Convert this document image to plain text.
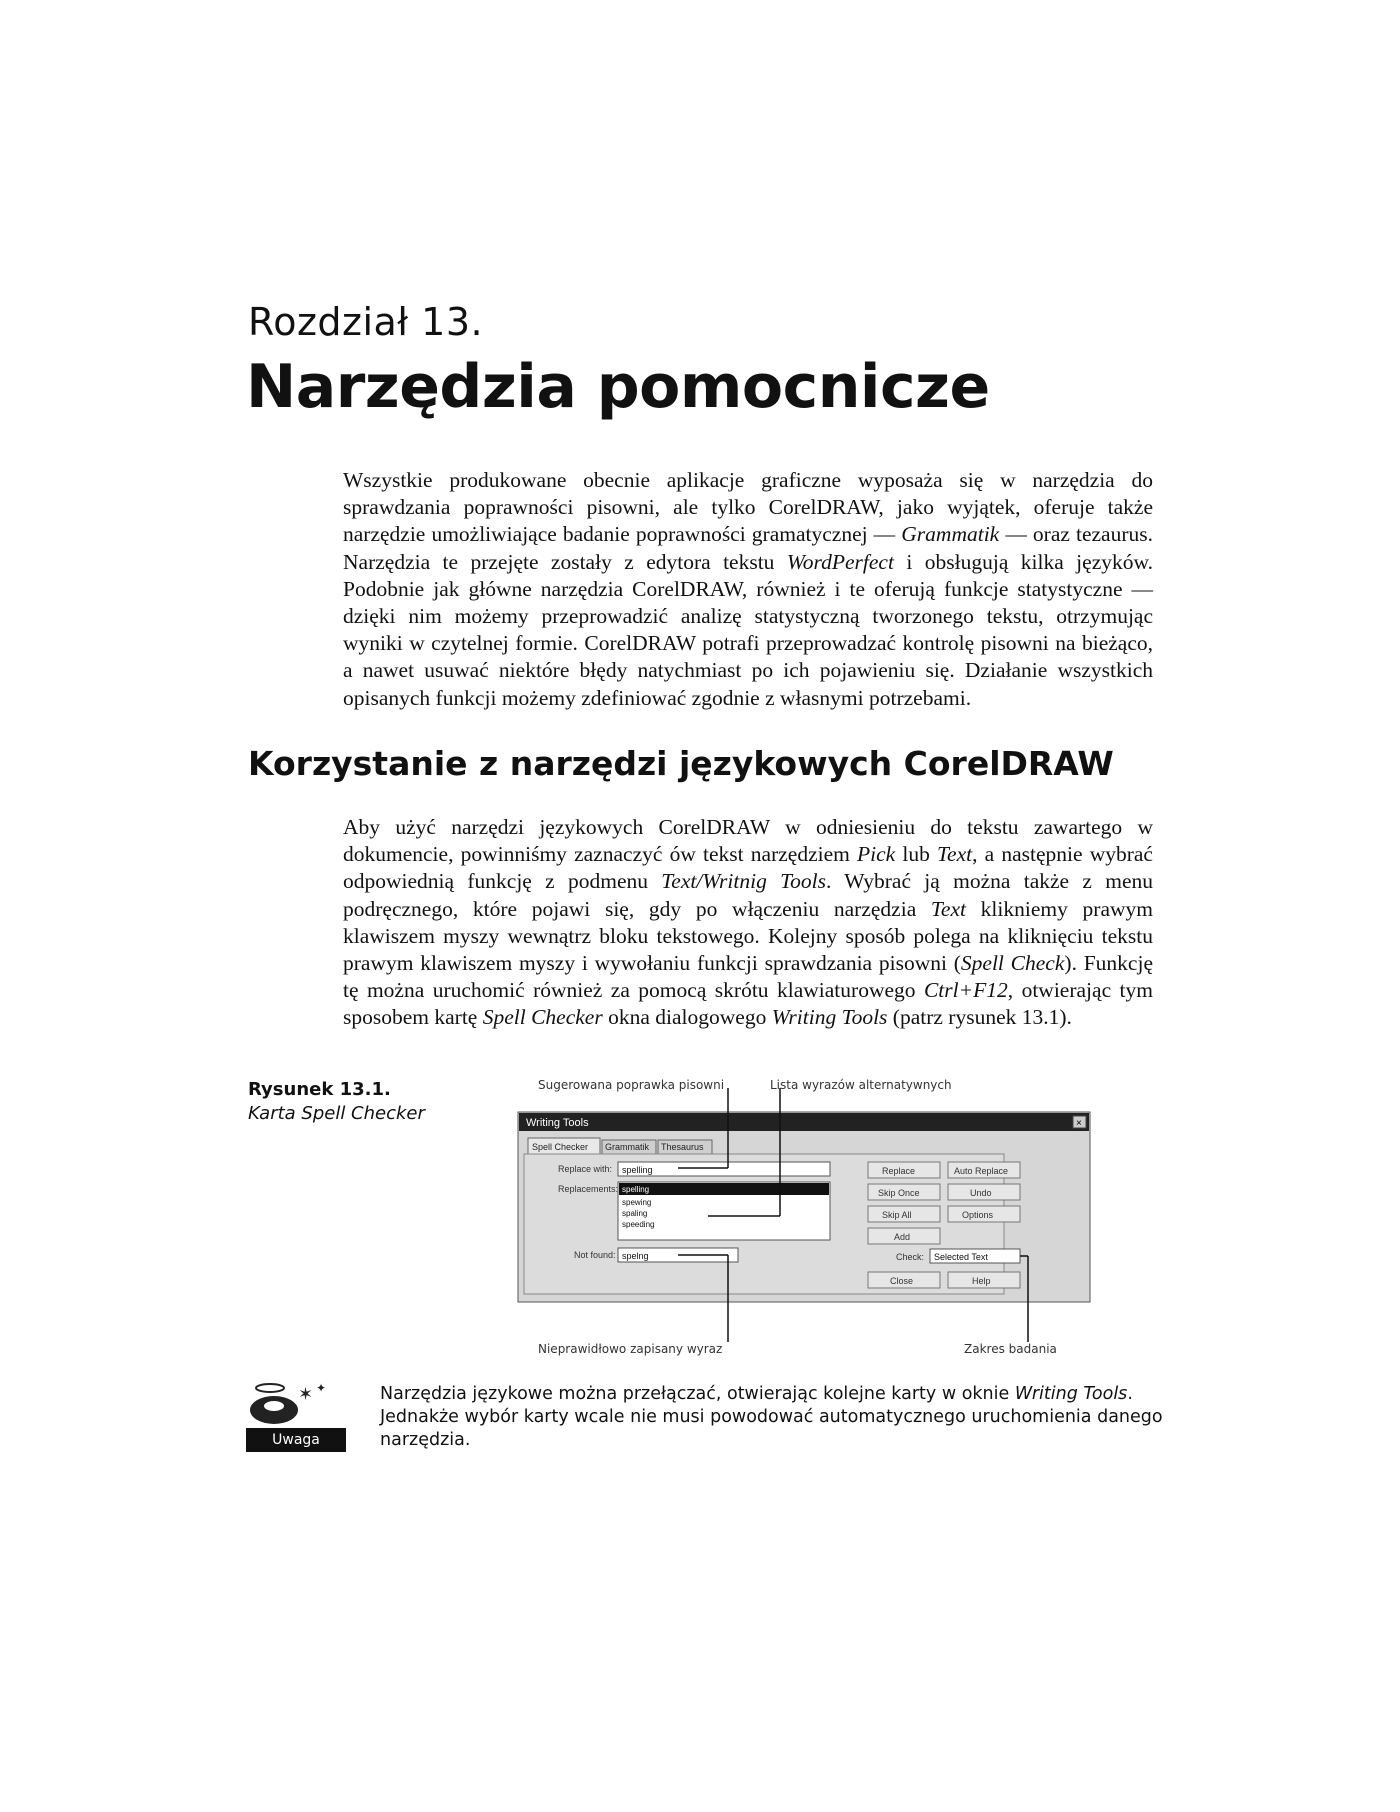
Rozdział 13.
Narzędzia pomocnicze

Wszystkie produkowane obecnie aplikacje graficzne wyposaża się w narzędzia do sprawdzania poprawności pisowni, ale tylko CorelDRAW, jako wyjątek, oferuje także narzędzie umożliwiające badanie poprawności gramatycznej — Grammatik — oraz tezaurus. Narzędzia te przejęte zostały z edytora tekstu WordPerfect i obsługują kilka języków. Podobnie jak główne narzędzia CorelDRAW, również i te oferują funkcje statystyczne — dzięki nim możemy przeprowadzić analizę statystyczną tworzonego tekstu, otrzymując wyniki w czytelnej formie. CorelDRAW potrafi przeprowadzać kontrolę pisowni na bieżąco, a nawet usuwać niektóre błędy natychmiast po ich pojawieniu się. Działanie wszystkich opisanych funkcji możemy zdefiniować zgodnie z własnymi potrzebami.

Korzystanie z narzędzi językowych CorelDRAW

Aby użyć narzędzi językowych CorelDRAW w odniesieniu do tekstu zawartego w dokumencie, powinniśmy zaznaczyć ów tekst narzędziem Pick lub Text, a następnie wybrać odpowiednią funkcję z podmenu Text/Writnig Tools. Wybrać ją można także z menu podręcznego, które pojawi się, gdy po włączeniu narzędzia Text klikniemy prawym klawiszem myszy wewnątrz bloku tekstowego. Kolejny sposób polega na kliknięciu tekstu prawym klawiszem myszy i wywołaniu funkcji sprawdzania pisowni (Spell Check). Funkcję tę można uruchomić również za pomocą skrótu klawiaturowego Ctrl+F12, otwierając tym sposobem kartę Spell Checker okna dialogowego Writing Tools (patrz rysunek 13.1).

Rysunek 13.1.
Karta Spell Checker
Sugerowana poprawka pisowni	Lista wyrazów alternatywnych
Nieprawidłowo zapisany wyraz	Zakres badania
Writing Tools	×
Spell Checker Grammatik Thesaurus
Replace with: spelling
Replacements: spelling
spewing
spaling
speeding
Not found: spelng
Replace	Auto Replace
Skip Once	Undo
Skip All	Options
Add
Check: Selected Text
Close	Help
✶ ✦
Uwaga

Narzędzia językowe można przełączać, otwierając kolejne karty w oknie Writing Tools. Jednakże wybór karty wcale nie musi powodować automatycznego uruchomienia danego narzędzia.
